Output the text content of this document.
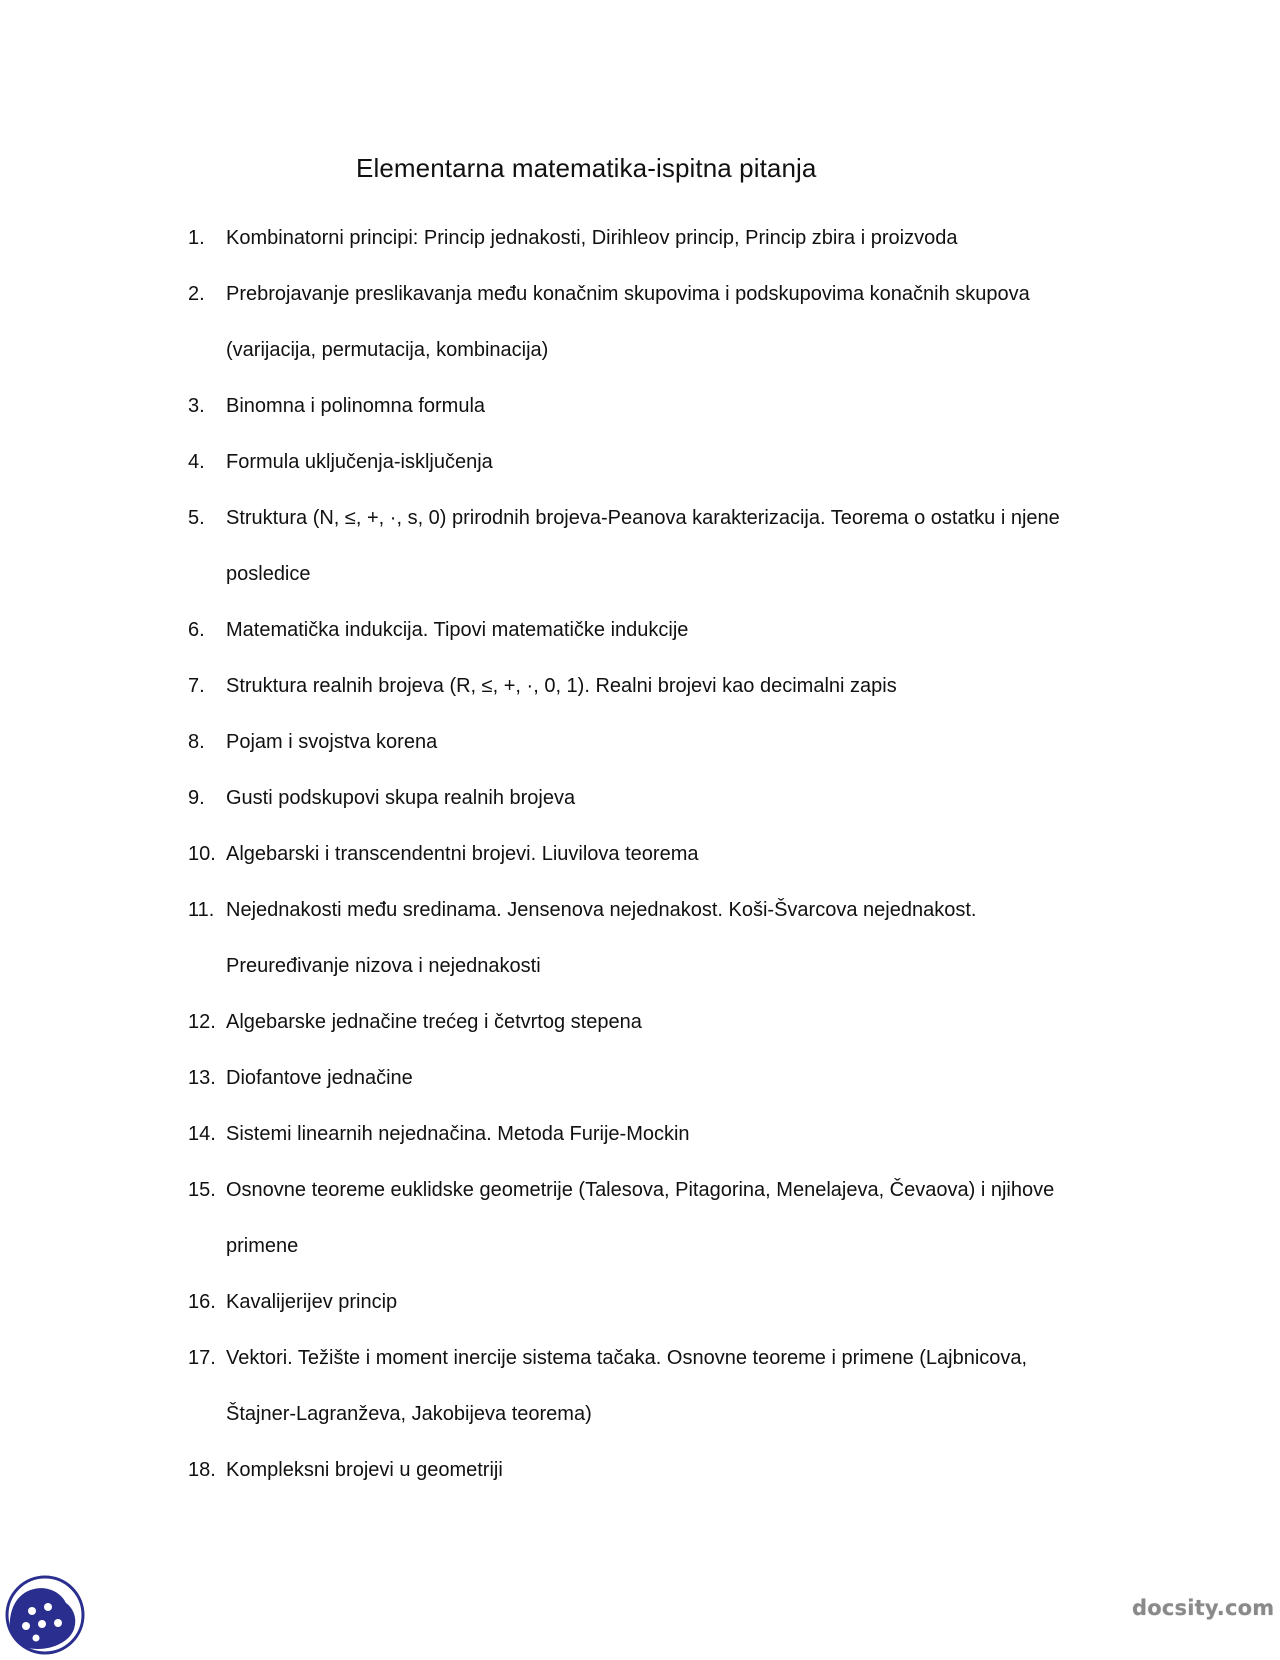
Elementarna matematika-ispitna pitanja
1.	Kombinatorni principi: Princip jednakosti, Dirihleov princip, Princip zbira i proizvoda
2.	Prebrojavanje preslikavanja među konačnim skupovima i podskupovima konačnih skupova
(varijacija, permutacija, kombinacija)
3.	Binomna i polinomna formula
4.	Formula uključenja-isključenja
5.	Struktura (N, ≤, +, ·, s, 0) prirodnih brojeva-Peanova karakterizacija. Teorema o ostatku i njene
posledice
6.	Matematička indukcija. Tipovi matematičke indukcije
7.	Struktura realnih brojeva (R, ≤, +, ·, 0, 1). Realni brojevi kao decimalni zapis
8.	Pojam i svojstva korena
9.	Gusti podskupovi skupa realnih brojeva
10. Algebarski i transcendentni brojevi. Liuvilova teorema
11. Nejednakosti među sredinama. Jensenova nejednakost. Koši-Švarcova nejednakost.
Preuređivanje nizova i nejednakosti
12. Algebarske jednačine trećeg i četvrtog stepena
13. Diofantove jednačine
14. Sistemi linearnih nejednačina. Metoda Furije-Mockin
15. Osnovne teoreme euklidske geometrije (Talesova, Pitagorina, Menelajeva, Čevaova) i njihove
primene
16. Kavalijerijev princip
17. Vektori. Težište i moment inercije sistema tačaka. Osnovne teoreme i primene (Lajbnicova,
Štajner-Lagranževa, Jakobijeva teorema)
18. Kompleksni brojevi u geometriji
docsity.com
